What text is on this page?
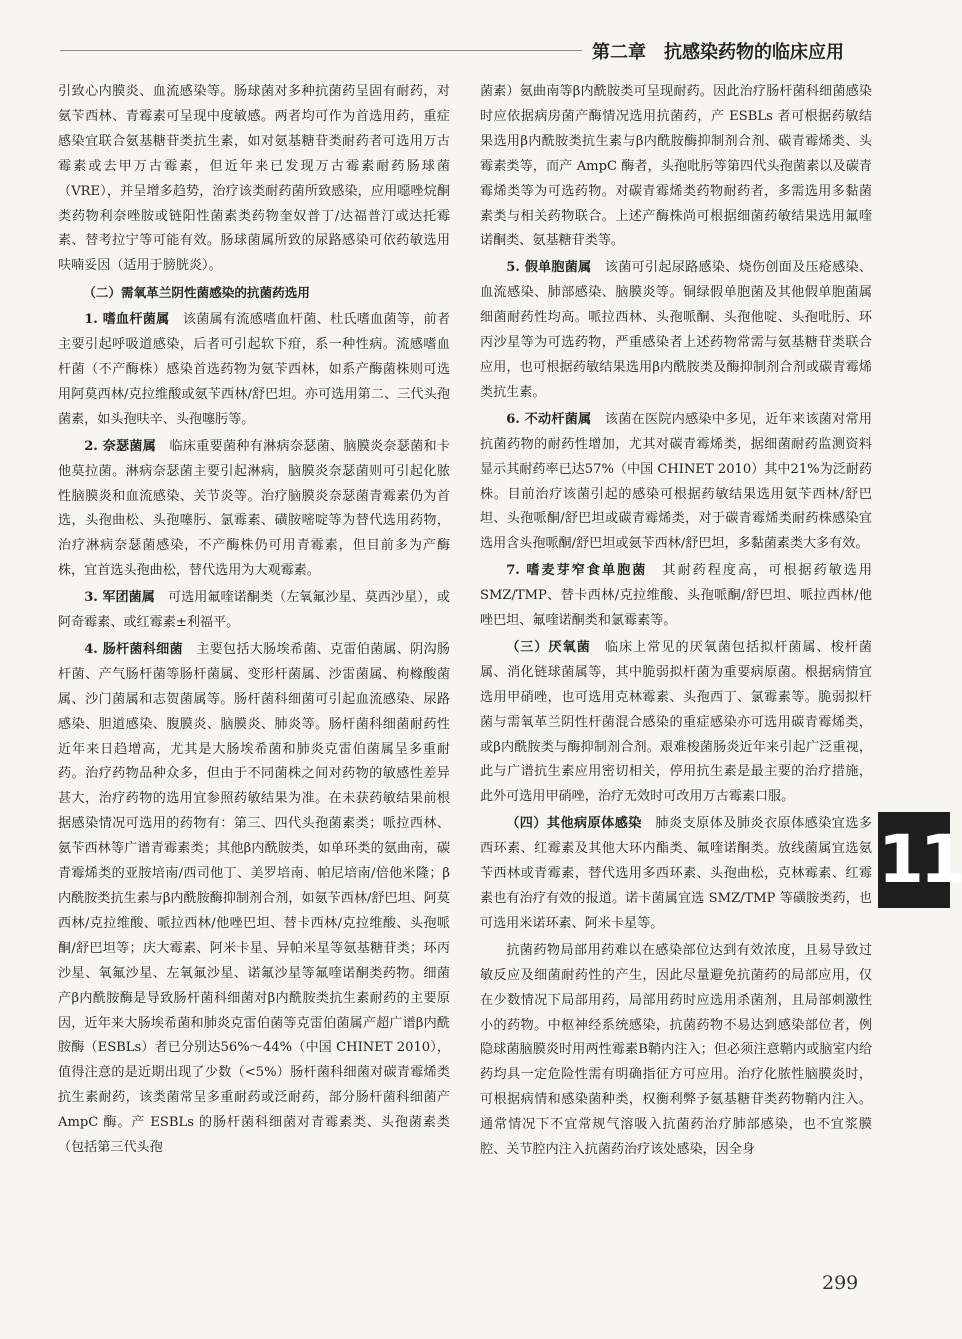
第二章　抗感染药物的临床应用

引致心内膜炎、血流感染等。肠球菌对多种抗菌药呈固有耐药，对氨苄西林、青霉素可呈现中度敏感。两者均可作为首选用药，重症感染宜联合氨基糖苷类抗生素，如对氨基糖苷类耐药者可选用万古霉素或去甲万古霉素，但近年来已发现万古霉素耐药肠球菌（VRE），并呈增多趋势，治疗该类耐药菌所致感染，应用噁唑烷酮类药物利奈唑胺或链阳性菌素类药物奎奴普丁/达福普汀或达托霉素、替考拉宁等可能有效。肠球菌属所致的尿路感染可依药敏选用呋喃妥因（适用于膀胱炎）。

（二）需氧革兰阴性菌感染的抗菌药选用

1. 嗜血杆菌属　该菌属有流感嗜血杆菌、杜氏嗜血菌等，前者主要引起呼吸道感染，后者可引起软下疳，系一种性病。流感嗜血杆菌（不产酶株）感染首选药物为氨苄西林，如系产酶菌株则可选用阿莫西林/克拉维酸或氨苄西林/舒巴坦。亦可选用第二、三代头孢菌素，如头孢呋辛、头孢噻肟等。

2. 奈瑟菌属　临床重要菌种有淋病奈瑟菌、脑膜炎奈瑟菌和卡他莫拉菌。淋病奈瑟菌主要引起淋病，脑膜炎奈瑟菌则可引起化脓性脑膜炎和血流感染、关节炎等。治疗脑膜炎奈瑟菌青霉素仍为首选，头孢曲松、头孢噻肟、氯霉素、磺胺嘧啶等为替代选用药物，治疗淋病奈瑟菌感染，不产酶株仍可用青霉素，但目前多为产酶株，宜首选头孢曲松，替代选用为大观霉素。

3. 军团菌属　可选用氟喹诺酮类（左氧氟沙星、莫西沙星），或阿奇霉素、或红霉素±利福平。

4. 肠杆菌科细菌　主要包括大肠埃希菌、克雷伯菌属、阴沟肠杆菌、产气肠杆菌等肠杆菌属、变形杆菌属、沙雷菌属、枸橼酸菌属、沙门菌属和志贺菌属等。肠杆菌科细菌可引起血流感染、尿路感染、胆道感染、腹膜炎、脑膜炎、肺炎等。肠杆菌科细菌耐药性近年来日趋增高，尤其是大肠埃希菌和肺炎克雷伯菌属呈多重耐药。治疗药物品种众多，但由于不同菌株之间对药物的敏感性差异甚大，治疗药物的选用宜参照药敏结果为准。在未获药敏结果前根据感染情况可选用的药物有：第三、四代头孢菌素类；哌拉西林、氨苄西林等广谱青霉素类；其他β内酰胺类，如单环类的氨曲南，碳青霉烯类的亚胺培南/西司他丁、美罗培南、帕尼培南/倍他米隆；β内酰胺类抗生素与β内酰胺酶抑制剂合剂，如氨苄西林/舒巴坦、阿莫西林/克拉维酸、哌拉西林/他唑巴坦、替卡西林/克拉维酸、头孢哌酮/舒巴坦等；庆大霉素、阿米卡星、异帕米星等氨基糖苷类；环丙沙星、氧氟沙星、左氧氟沙星、诺氟沙星等氟喹诺酮类药物。细菌产β内酰胺酶是导致肠杆菌科细菌对β内酰胺类抗生素耐药的主要原因，近年来大肠埃希菌和肺炎克雷伯菌等克雷伯菌属产超广谱β内酰胺酶（ESBLs）者已分别达56%～44%（中国 CHINET 2010），值得注意的是近期出现了少数（<5%）肠杆菌科细菌对碳青霉烯类抗生素耐药，该类菌常呈多重耐药或泛耐药，部分肠杆菌科细菌产 AmpC 酶。产 ESBLs 的肠杆菌科细菌对青霉素类、头孢菌素类（包括第三代头孢

菌素）氨曲南等β内酰胺类可呈现耐药。因此治疗肠杆菌科细菌感染时应依据病房菌产酶情况选用抗菌药，产 ESBLs 者可根据药敏结果选用β内酰胺类抗生素与β内酰胺酶抑制剂合剂、碳青霉烯类、头霉素类等，而产 AmpC 酶者，头孢吡肟等第四代头孢菌素以及碳青霉烯类等为可选药物。对碳青霉烯类药物耐药者，多需选用多黏菌素类与相关药物联合。上述产酶株尚可根据细菌药敏结果选用氟喹诺酮类、氨基糖苷类等。

5. 假单胞菌属　该菌可引起尿路感染、烧伤创面及压疮感染、血流感染、肺部感染、脑膜炎等。铜绿假单胞菌及其他假单胞菌属细菌耐药性均高。哌拉西林、头孢哌酮、头孢他啶、头孢吡肟、环丙沙星等为可选药物，严重感染者上述药物常需与氨基糖苷类联合应用，也可根据药敏结果选用β内酰胺类及酶抑制剂合剂或碳青霉烯类抗生素。

6. 不动杆菌属　该菌在医院内感染中多见，近年来该菌对常用抗菌药物的耐药性增加，尤其对碳青霉烯类，据细菌耐药监测资料显示其耐药率已达57%（中国 CHINET 2010）其中21%为泛耐药株。目前治疗该菌引起的感染可根据药敏结果选用氨苄西林/舒巴坦、头孢哌酮/舒巴坦或碳青霉烯类，对于碳青霉烯类耐药株感染宜选用含头孢哌酮/舒巴坦或氨苄西林/舒巴坦，多黏菌素类大多有效。

7. 嗜麦芽窄食单胞菌　其耐药程度高，可根据药敏选用 SMZ/TMP、替卡西林/克拉维酸、头孢哌酮/舒巴坦、哌拉西林/他唑巴坦、氟喹诺酮类和氯霉素等。

（三）厌氧菌　临床上常见的厌氧菌包括拟杆菌属、梭杆菌属、消化链球菌属等，其中脆弱拟杆菌为重要病原菌。根据病情宜选用甲硝唑，也可选用克林霉素、头孢西丁、氯霉素等。脆弱拟杆菌与需氧革兰阴性杆菌混合感染的重症感染亦可选用碳青霉烯类，或β内酰胺类与酶抑制剂合剂。艰难梭菌肠炎近年来引起广泛重视，此与广谱抗生素应用密切相关，停用抗生素是最主要的治疗措施，此外可选用甲硝唑，治疗无效时可改用万古霉素口服。

（四）其他病原体感染　肺炎支原体及肺炎衣原体感染宜选多西环素、红霉素及其他大环内酯类、氟喹诺酮类。放线菌属宜选氨苄西林或青霉素，替代选用多西环素、头孢曲松，克林霉素、红霉素也有治疗有效的报道。诺卡菌属宜选 SMZ/TMP 等磺胺类药，也可选用米诺环素、阿米卡星等。

抗菌药物局部用药难以在感染部位达到有效浓度，且易导致过敏反应及细菌耐药性的产生，因此尽量避免抗菌药的局部应用，仅在少数情况下局部用药，局部用药时应选用杀菌剂，且局部刺激性小的药物。中枢神经系统感染，抗菌药物不易达到感染部位者，例隐球菌脑膜炎时用两性霉素B鞘内注入；但必须注意鞘内或脑室内给药均具一定危险性需有明确指征方可应用。治疗化脓性脑膜炎时，可根据病情和感染菌种类，权衡利弊予氨基糖苷类药物鞘内注入。通常情况下不宜常规气溶吸入抗菌药治疗肺部感染，也不宜浆膜腔、关节腔内注入抗菌药治疗该处感染，因全身

11
299
